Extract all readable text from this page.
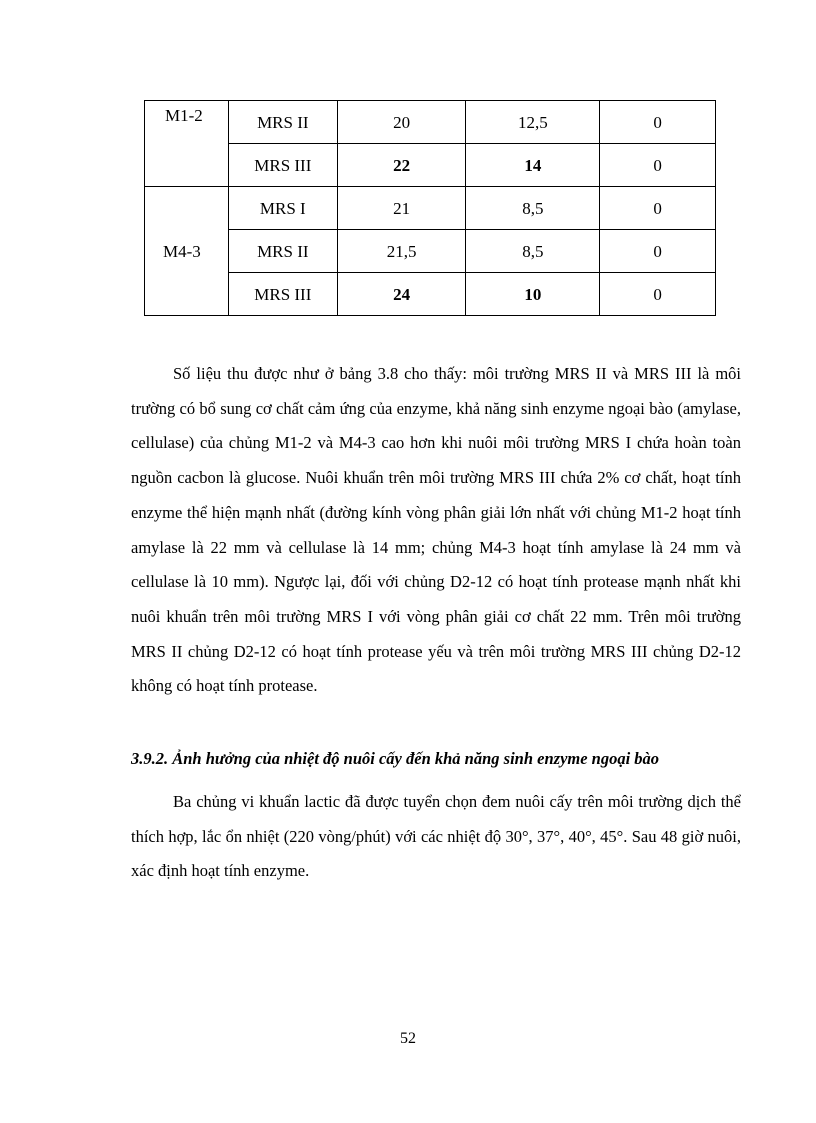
M1-2	MRS II	20	12,5	0
	MRS III	22	14	0
M4-3	MRS I	21	8,5	0
	MRS II	21,5	8,5	0
	MRS III	24	10	0

Số liệu thu được như ở bảng 3.8 cho thấy: môi trường MRS II và MRS III là môi trường có bổ sung cơ chất cảm ứng của enzyme, khả năng sinh enzyme ngoại bào (amylase, cellulase) của chủng M1-2 và M4-3 cao hơn khi nuôi môi trường MRS I chứa hoàn toàn nguồn cacbon là glucose. Nuôi khuẩn trên môi trường MRS III chứa 2% cơ chất, hoạt tính enzyme thể hiện mạnh nhất (đường kính vòng phân giải lớn nhất với chủng M1-2 hoạt tính amylase là 22 mm và cellulase là 14 mm; chủng M4-3 hoạt tính amylase là 24 mm và cellulase là 10 mm). Ngược lại, đối với chủng D2-12 có hoạt tính protease mạnh nhất khi nuôi khuẩn trên môi trường MRS I với vòng phân giải cơ chất 22 mm. Trên môi trường MRS II chủng D2-12 có hoạt tính protease yếu và trên môi trường MRS III chủng D2-12 không có hoạt tính protease.

3.9.2. Ảnh hưởng của nhiệt độ nuôi cấy đến khả năng sinh enzyme ngoại bào

Ba chủng vi khuẩn lactic đã được tuyển chọn đem nuôi cấy trên môi trường dịch thể thích hợp, lắc ổn nhiệt (220 vòng/phút) với các nhiệt độ 30°, 37°, 40°, 45°. Sau 48 giờ nuôi, xác định hoạt tính enzyme.

52
